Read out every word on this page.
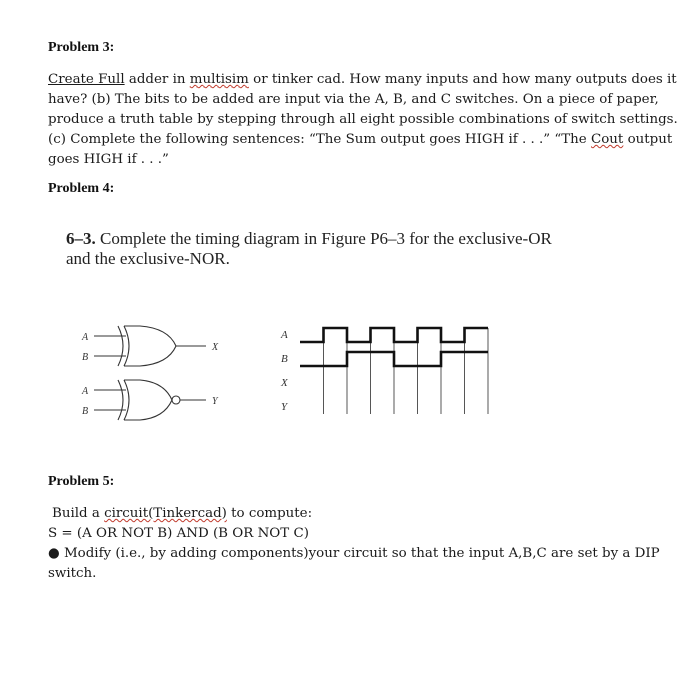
Problem 3:
Create Full adder in multisim or tinker cad. How many inputs and how many outputs does it
have? (b) The bits to be added are input via the A, B, and C switches. On a piece of paper,
produce a truth table by stepping through all eight possible combinations of switch settings.
(c) Complete the following sentences: “The Sum output goes HIGH if . . .” “The Cout output
goes HIGH if . . .”
Problem 4:
6–3. Complete the timing diagram in Figure P6–3 for the exclusive-OR
and the exclusive-NOR.
A
B
X
A
B
Y
A
B
X
Y
Problem 5:
Build a circuit(Tinkercad) to compute:
S = (A OR NOT B) AND (B OR NOT C)
● Modify (i.e., by adding components)your circuit so that the input A,B,C are set by a DIP
switch.
